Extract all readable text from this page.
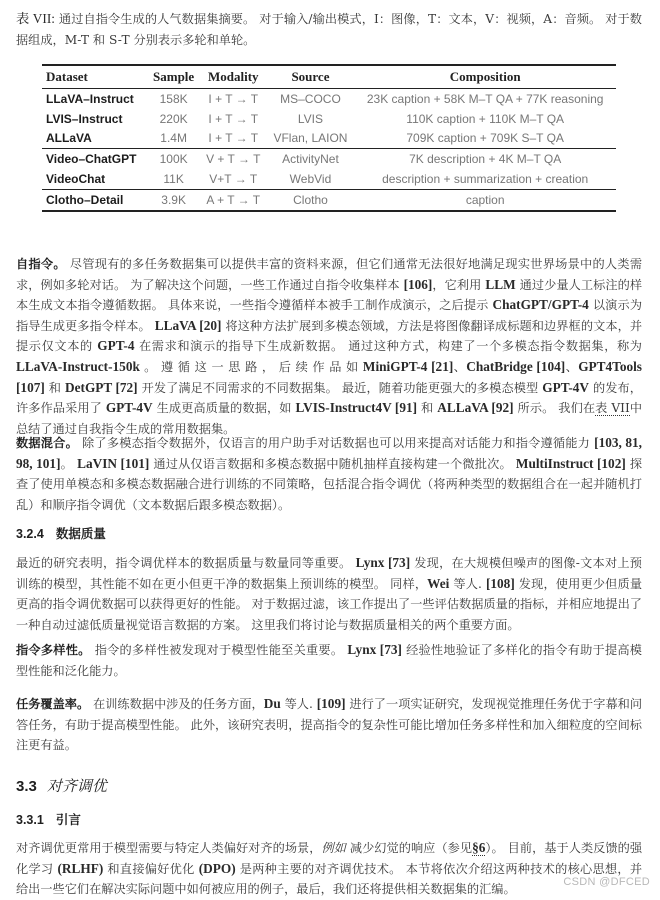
表 VII: 通过自指令生成的人气数据集摘要。 对于输入/输出模式，I：图像，T：文本，V：视频，A：音频。 对于数据组成，M-T 和 S-T 分别表示多轮和单轮。
Dataset	Sample	Modality	Source	Composition
LLaVA–Instruct	158K	I + T → T	MS–COCO	23K caption + 58K M–T QA + 77K reasoning
LVIS–Instruct	220K	I + T → T	LVIS	110K caption + 110K M–T QA
ALLaVA	1.4M	I + T → T	VFlan, LAION	709K caption + 709K S–T QA
Video–ChatGPT	100K	V + T → T	ActivityNet	7K description + 4K M–T QA
VideoChat	11K	V+T → T	WebVid	description + summarization + creation
Clotho–Detail	3.9K	A + T → T	Clotho	caption
自指令。 尽管现有的多任务数据集可以提供丰富的资料来源，但它们通常无法很好地满足现实世界场景中的人类需求，例如多轮对话。 为了解决这个问题，一些工作通过自指令收集样本 [106]，它利用 LLM 通过少量人工标注的样本生成文本指令遵循数据。 具体来说，一些指令遵循样本被手工制作成演示，之后提示 ChatGPT/GPT-4 以演示为指导生成更多指令样本。 LLaVA [20] 将这种方法扩展到多模态领域，方法是将图像翻译成标题和边界框的文本，并提示仅文本的 GPT-4 在需求和演示的指导下生成新数据。 通过这种方式，构建了一个多模态指令数据集，称为 LLaVA-Instruct-150k 。 遵 循 这 一 思 路 ， 后 续 作 品 如 MiniGPT-4 [21]、ChatBridge [104]、GPT4Tools [107] 和 DetGPT [72] 开发了满足不同需求的不同数据集。 最近，随着功能更强大的多模态模型 GPT-4V 的发布，许多作品采用了 GPT-4V 生成更高质量的数据，如 LVIS-Instruct4V [91] 和 ALLaVA [92] 所示。 我们在表 VII中总结了通过自我指令生成的常用数据集。
数据混合。 除了多模态指令数据外，仅语言的用户助手对话数据也可以用来提高对话能力和指令遵循能力 [103, 81, 98, 101]。 LaVIN [101] 通过从仅语言数据和多模态数据中随机抽样直接构建一个微批次。 MultiInstruct [102] 探查了使用单模态和多模态数据融合进行训练的不同策略，包括混合指令调优（将两种类型的数据组合在一起并随机打乱）和顺序指令调优（文本数据后跟多模态数据）。
3.2.4 数据质量
最近的研究表明，指令调优样本的数据质量与数量同等重要。 Lynx [73] 发现，在大规模但噪声的图像-文本对上预训练的模型，其性能不如在更小但更干净的数据集上预训练的模型。 同样，Wei 等人. [108] 发现，使用更少但质量更高的指令调优数据可以获得更好的性能。 对于数据过滤，该工作提出了一些评估数据质量的指标，并相应地提出了一种自动过滤低质量视觉语言数据的方案。 这里我们将讨论与数据质量相关的两个重要方面。
指令多样性。 指令的多样性被发现对于模型性能至关重要。 Lynx [73] 经验性地验证了多样化的指令有助于提高模型性能和泛化能力。
任务覆盖率。 在训练数据中涉及的任务方面，Du 等人. [109] 进行了一项实证研究，发现视觉推理任务优于字幕和问答任务，有助于提高模型性能。 此外，该研究表明，提高指令的复杂性可能比增加任务多样性和加入细粒度的空间标注更有益。
3.3 对齐调优
3.3.1 引言
对齐调优更常用于模型需要与特定人类偏好对齐的场景，例如 减少幻觉的响应（参见§6）。 目前，基于人类反馈的强化学习 (RLHF) 和直接偏好优化 (DPO) 是两种主要的对齐调优技术。 本节将依次介绍这两种技术的核心思想，并给出一些它们在解决实际问题中如何被应用的例子，最后，我们还将提供相关数据集的汇编。
CSDN @DFCED
